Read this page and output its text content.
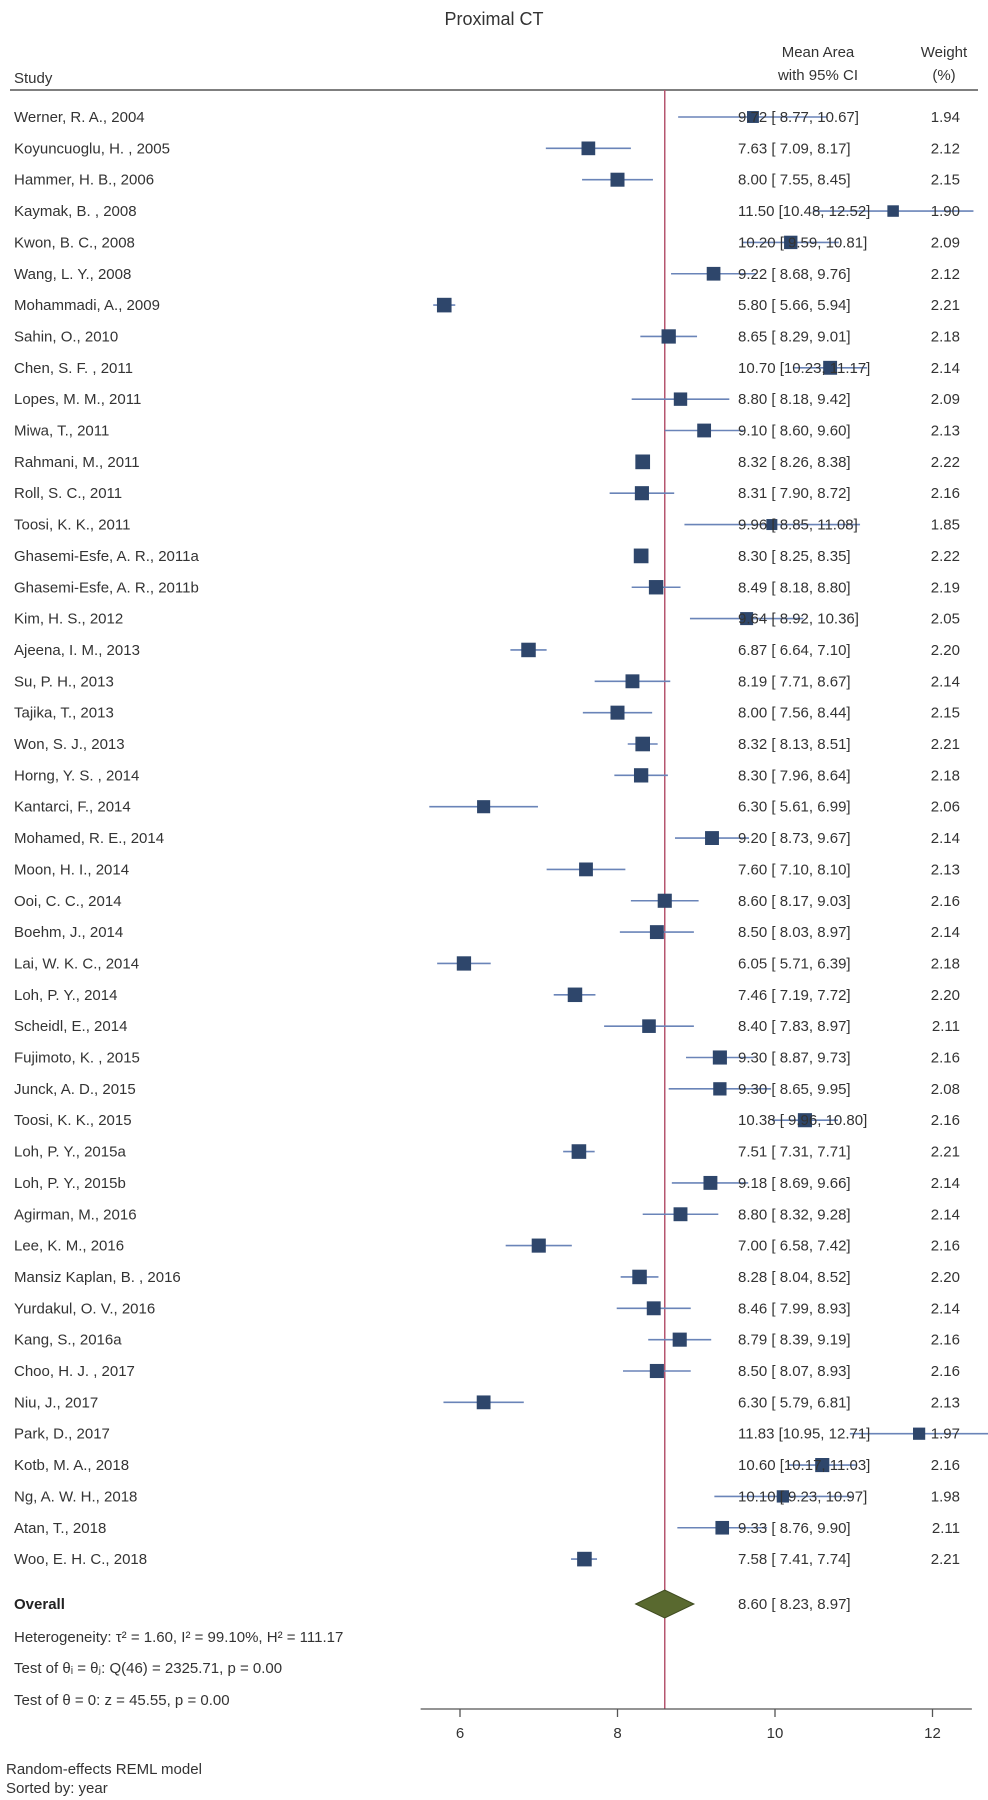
Proximal CT
Study
Mean Area
with 95% CI
Weight
(%)
Werner, R. A., 2004	9.72 [ 8.77, 10.67]	1.94
Koyuncuoglu, H. , 2005	7.63 [ 7.09, 8.17]	2.12
Hammer, H. B., 2006	8.00 [ 7.55, 8.45]	2.15
Kaymak, B. , 2008	11.50 [10.48, 12.52]	1.90
Kwon, B. C., 2008	10.20 [ 9.59, 10.81]	2.09
Wang, L. Y., 2008	9.22 [ 8.68, 9.76]	2.12
Mohammadi, A., 2009	5.80 [ 5.66, 5.94]	2.21
Sahin, O., 2010	8.65 [ 8.29, 9.01]	2.18
Chen, S. F. , 2011	10.70 [10.23, 11.17]	2.14
Lopes, M. M., 2011	8.80 [ 8.18, 9.42]	2.09
Miwa, T., 2011	9.10 [ 8.60, 9.60]	2.13
Rahmani, M., 2011	8.32 [ 8.26, 8.38]	2.22
Roll, S. C., 2011	8.31 [ 7.90, 8.72]	2.16
Toosi, K. K., 2011	9.96 [ 8.85, 11.08]	1.85
Ghasemi-Esfe, A. R., 2011a	8.30 [ 8.25, 8.35]	2.22
Ghasemi-Esfe, A. R., 2011b	8.49 [ 8.18, 8.80]	2.19
Kim, H. S., 2012	9.64 [ 8.92, 10.36]	2.05
Ajeena, I. M., 2013	6.87 [ 6.64, 7.10]	2.20
Su, P. H., 2013	8.19 [ 7.71, 8.67]	2.14
Tajika, T., 2013	8.00 [ 7.56, 8.44]	2.15
Won, S. J., 2013	8.32 [ 8.13, 8.51]	2.21
Horng, Y. S. , 2014	8.30 [ 7.96, 8.64]	2.18
Kantarci, F., 2014	6.30 [ 5.61, 6.99]	2.06
Mohamed, R. E., 2014	9.20 [ 8.73, 9.67]	2.14
Moon, H. I., 2014	7.60 [ 7.10, 8.10]	2.13
Ooi, C. C., 2014	8.60 [ 8.17, 9.03]	2.16
Boehm, J., 2014	8.50 [ 8.03, 8.97]	2.14
Lai, W. K. C., 2014	6.05 [ 5.71, 6.39]	2.18
Loh, P. Y., 2014	7.46 [ 7.19, 7.72]	2.20
Scheidl, E., 2014	8.40 [ 7.83, 8.97]	2.11
Fujimoto, K. , 2015	9.30 [ 8.87, 9.73]	2.16
Junck, A. D., 2015	9.30 [ 8.65, 9.95]	2.08
Toosi, K. K., 2015	10.38 [ 9.96, 10.80]	2.16
Loh, P. Y., 2015a	7.51 [ 7.31, 7.71]	2.21
Loh, P. Y., 2015b	9.18 [ 8.69, 9.66]	2.14
Agirman, M., 2016	8.80 [ 8.32, 9.28]	2.14
Lee, K. M., 2016	7.00 [ 6.58, 7.42]	2.16
Mansiz Kaplan, B. , 2016	8.28 [ 8.04, 8.52]	2.20
Yurdakul, O. V., 2016	8.46 [ 7.99, 8.93]	2.14
Kang, S., 2016a	8.79 [ 8.39, 9.19]	2.16
Choo, H. J. , 2017	8.50 [ 8.07, 8.93]	2.16
Niu, J., 2017	6.30 [ 5.79, 6.81]	2.13
Park, D., 2017	11.83 [10.95, 12.71]	1.97
Kotb, M. A., 2018	10.60 [10.17, 11.03]	2.16
Ng, A. W. H., 2018	10.10 [ 9.23, 10.97]	1.98
Atan, T., 2018	9.33 [ 8.76, 9.90]	2.11
Woo, E. H. C., 2018	7.58 [ 7.41, 7.74]	2.21
Overall	8.60 [ 8.23, 8.97]
Heterogeneity: τ² = 1.60, I² = 99.10%, H² = 111.17
Test of θᵢ = θⱼ: Q(46) = 2325.71, p = 0.00
Test of θ = 0: z = 45.55, p = 0.00
6	8	10	12
Random-effects REML model
Sorted by: year
